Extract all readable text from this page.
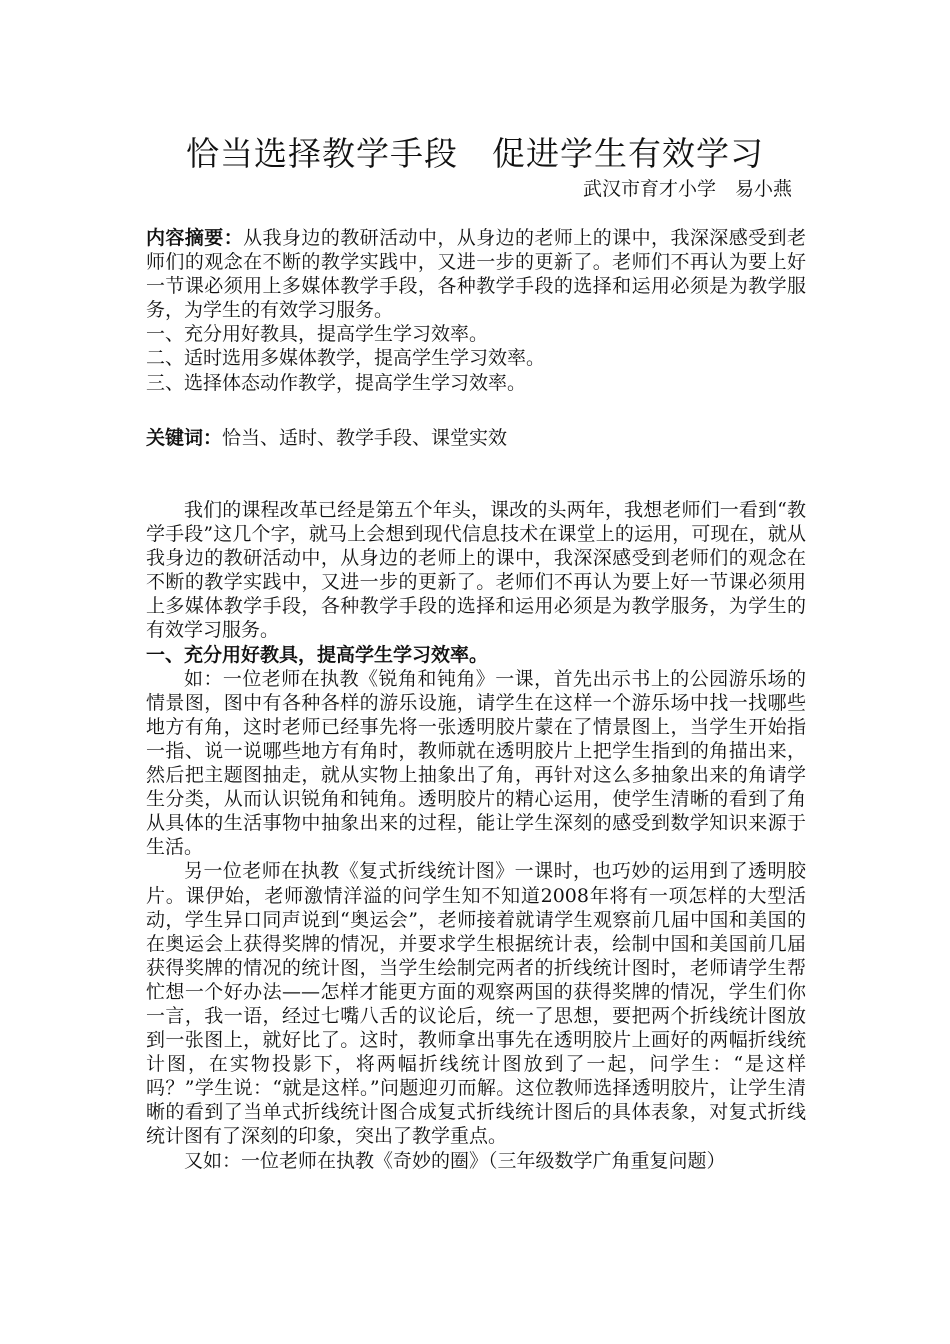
恰当选择教学手段　促进学生有效学习
武汉市育才小学　易小燕

内容摘要：从我身边的教研活动中，从身边的老师上的课中，我深深感受到老师们的观念在不断的教学实践中，又进一步的更新了。老师们不再认为要上好一节课必须用上多媒体教学手段，各种教学手段的选择和运用必须是为教学服务，为学生的有效学习服务。

一、充分用好教具，提高学生学习效率。

二、适时选用多媒体教学，提高学生学习效率。

三、选择体态动作教学，提高学生学习效率。

关键词：恰当、适时、教学手段、课堂实效

我们的课程改革已经是第五个年头，课改的头两年，我想老师们一看到“教学手段”这几个字，就马上会想到现代信息技术在课堂上的运用，可现在，就从我身边的教研活动中，从身边的老师上的课中，我深深感受到老师们的观念在不断的教学实践中，又进一步的更新了。老师们不再认为要上好一节课必须用上多媒体教学手段，各种教学手段的选择和运用必须是为教学服务，为学生的有效学习服务。

一、充分用好教具，提高学生学习效率。

如：一位老师在执教《锐角和钝角》一课，首先出示书上的公园游乐场的情景图，图中有各种各样的游乐设施，请学生在这样一个游乐场中找一找哪些地方有角，这时老师已经事先将一张透明胶片蒙在了情景图上，当学生开始指一指、说一说哪些地方有角时，教师就在透明胶片上把学生指到的角描出来，然后把主题图抽走，就从实物上抽象出了角，再针对这么多抽象出来的角请学生分类，从而认识锐角和钝角。透明胶片的精心运用，使学生清晰的看到了角从具体的生活事物中抽象出来的过程，能让学生深刻的感受到数学知识来源于生活。

另一位老师在执教《复式折线统计图》一课时，也巧妙的运用到了透明胶片。课伊始，老师激情洋溢的问学生知不知道2008年将有一项怎样的大型活动，学生异口同声说到“奥运会”，老师接着就请学生观察前几届中国和美国的在奥运会上获得奖牌的情况，并要求学生根据统计表，绘制中国和美国前几届获得奖牌的情况的统计图，当学生绘制完两者的折线统计图时，老师请学生帮忙想一个好办法——怎样才能更方面的观察两国的获得奖牌的情况，学生们你一言，我一语，经过七嘴八舌的议论后，统一了思想，要把两个折线统计图放到一张图上，就好比了。这时，教师拿出事先在透明胶片上画好的两幅折线统计图，在实物投影下，将两幅折线统计图放到了一起，问学生：“是这样吗？”学生说：“就是这样。”问题迎刃而解。这位教师选择透明胶片，让学生清晰的看到了当单式折线统计图合成复式折线统计图后的具体表象，对复式折线统计图有了深刻的印象，突出了教学重点。

又如：一位老师在执教《奇妙的圈》（三年级数学广角重复问题）
